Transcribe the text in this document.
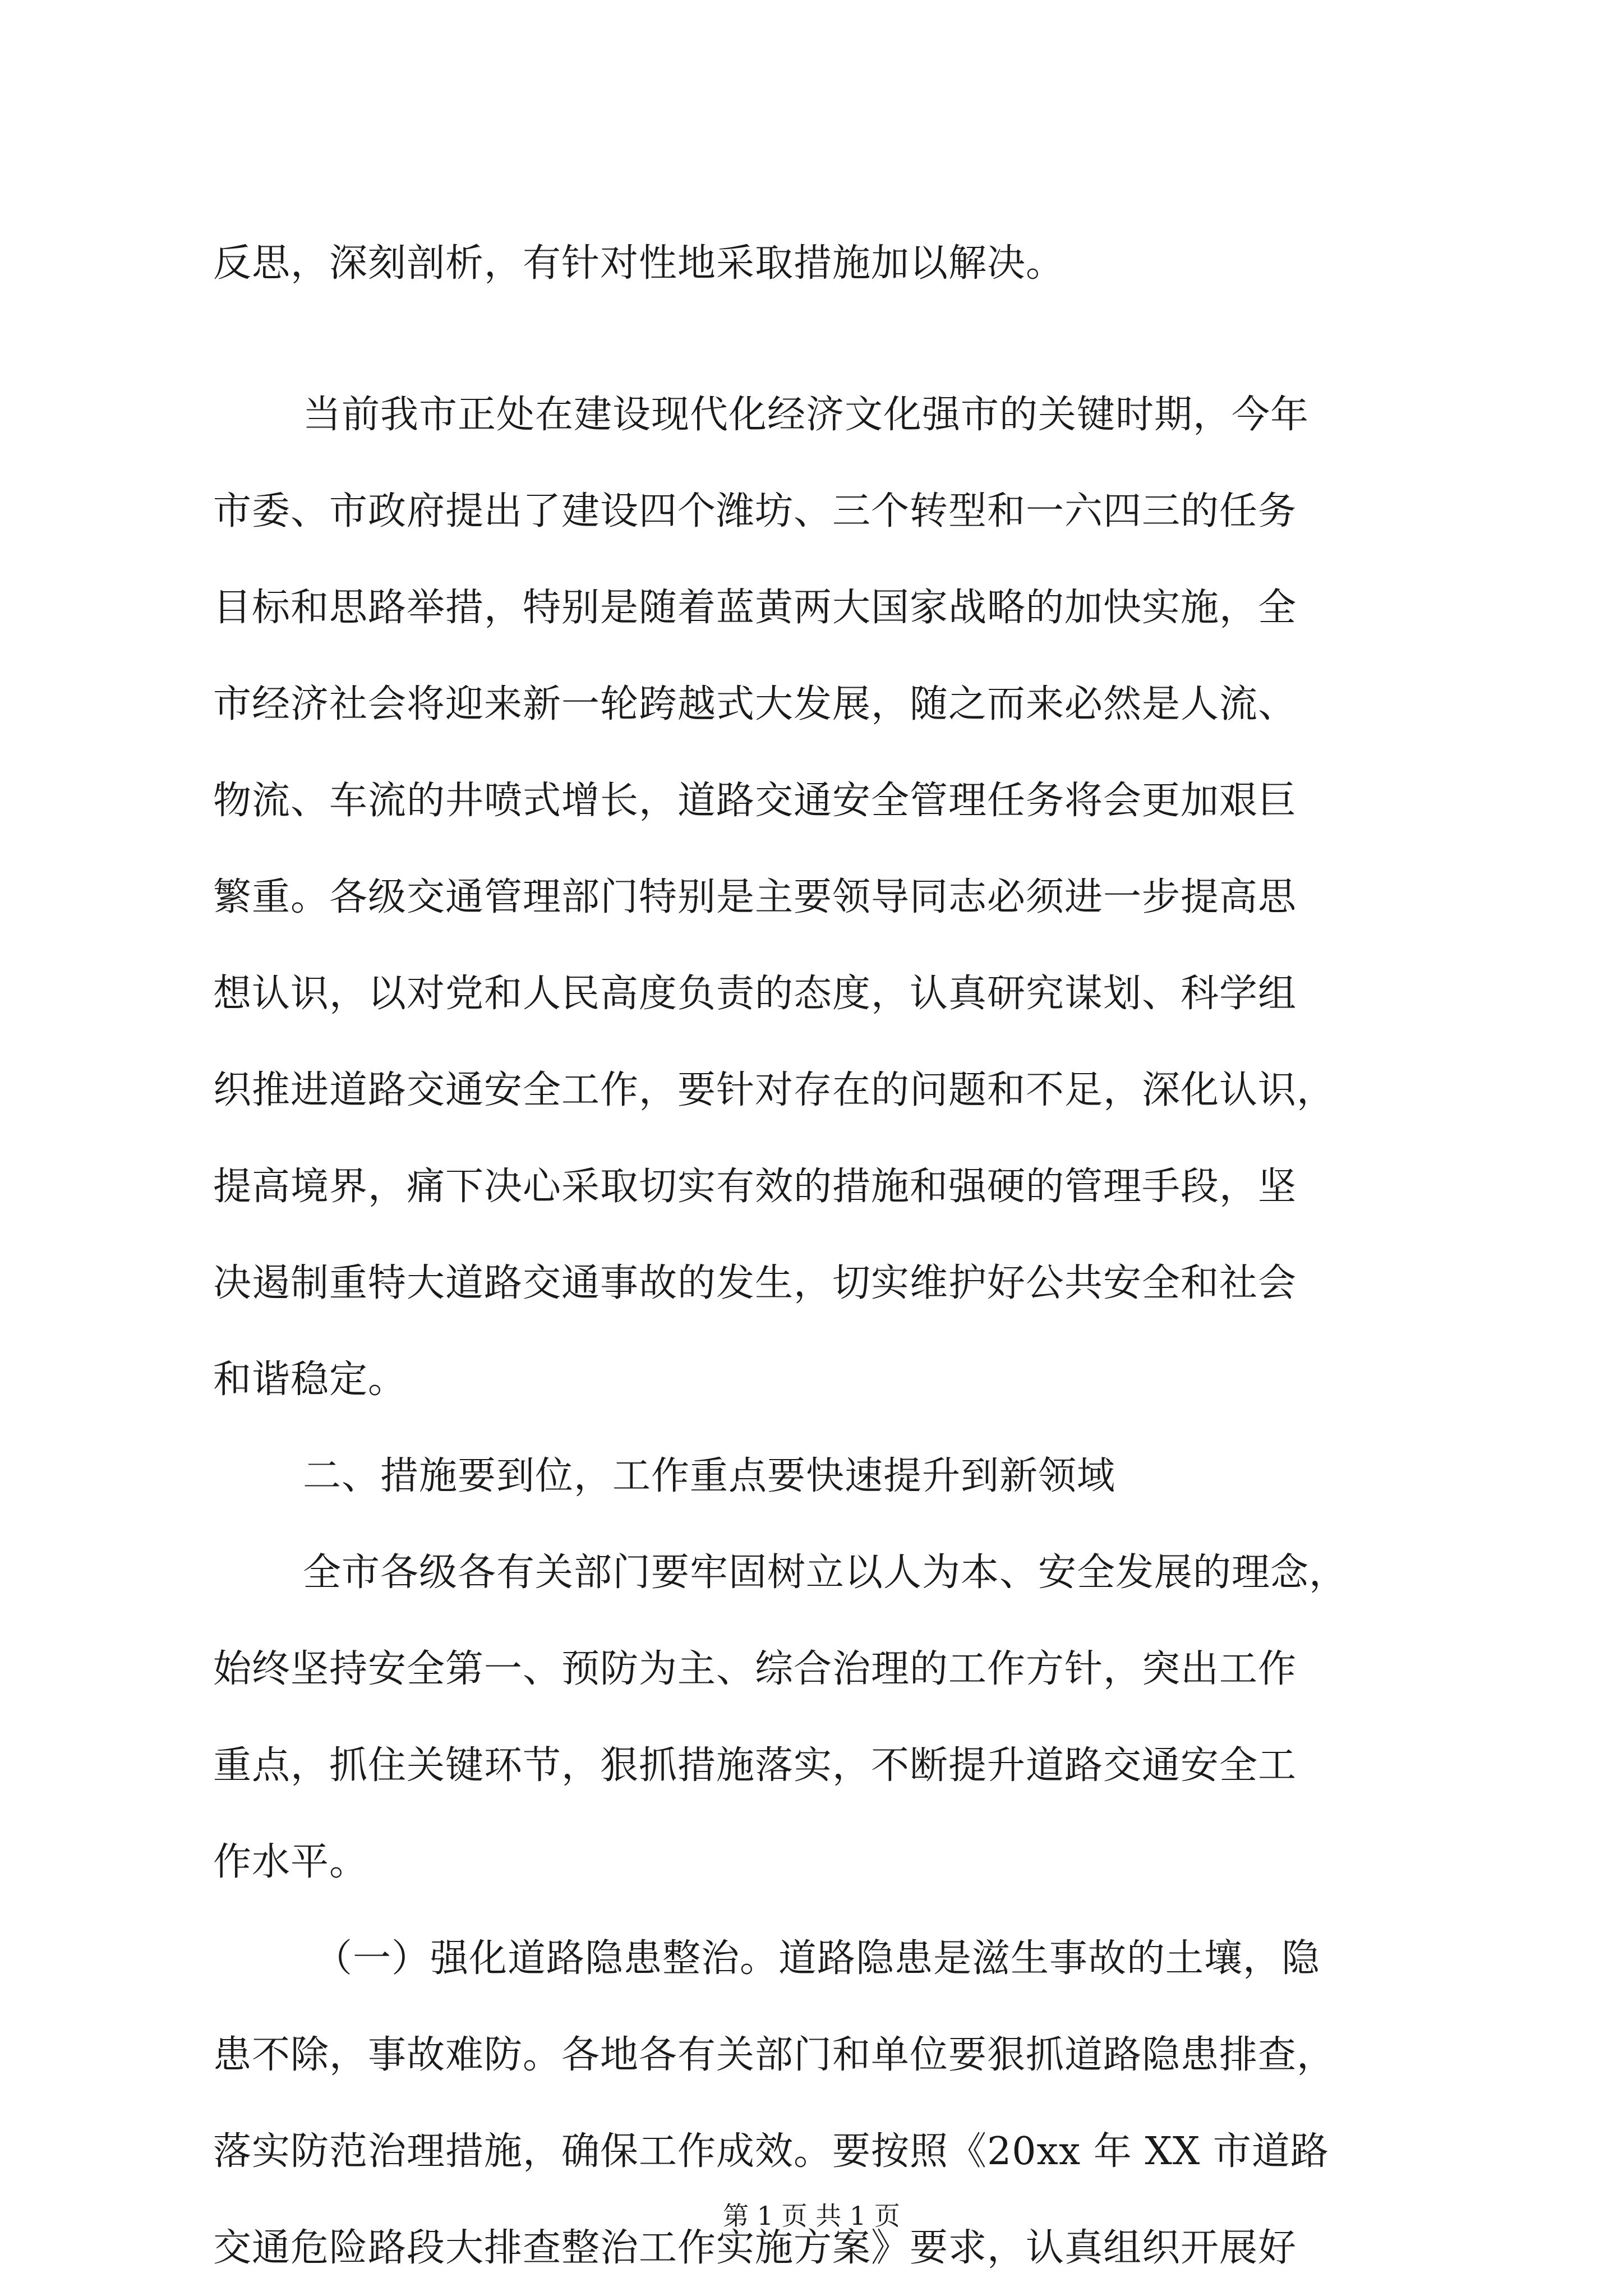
反思，深刻剖析，有针对性地采取措施加以解决。
当前我市正处在建设现代化经济文化强市的关键时期，今年
市委、市政府提出了建设四个潍坊、三个转型和一六四三的任务
目标和思路举措，特别是随着蓝黄两大国家战略的加快实施，全
市经济社会将迎来新一轮跨越式大发展，随之而来必然是人流、
物流、车流的井喷式增长，道路交通安全管理任务将会更加艰巨
繁重。各级交通管理部门特别是主要领导同志必须进一步提高思
想认识，以对党和人民高度负责的态度，认真研究谋划、科学组
织推进道路交通安全工作，要针对存在的问题和不足，深化认识，
提高境界，痛下决心采取切实有效的措施和强硬的管理手段，坚
决遏制重特大道路交通事故的发生，切实维护好公共安全和社会
和谐稳定。
二、措施要到位，工作重点要快速提升到新领域
全市各级各有关部门要牢固树立以人为本、安全发展的理念，
始终坚持安全第一、预防为主、综合治理的工作方针，突出工作
重点，抓住关键环节，狠抓措施落实，不断提升道路交通安全工
作水平。
（一）强化道路隐患整治。道路隐患是滋生事故的土壤，隐
患不除，事故难防。各地各有关部门和单位要狠抓道路隐患排查，
落实防范治理措施，确保工作成效。要按照《20xx 年 XX 市道路
交通危险路段大排查整治工作实施方案》要求，认真组织开展好
第 1 页 共 1 页
